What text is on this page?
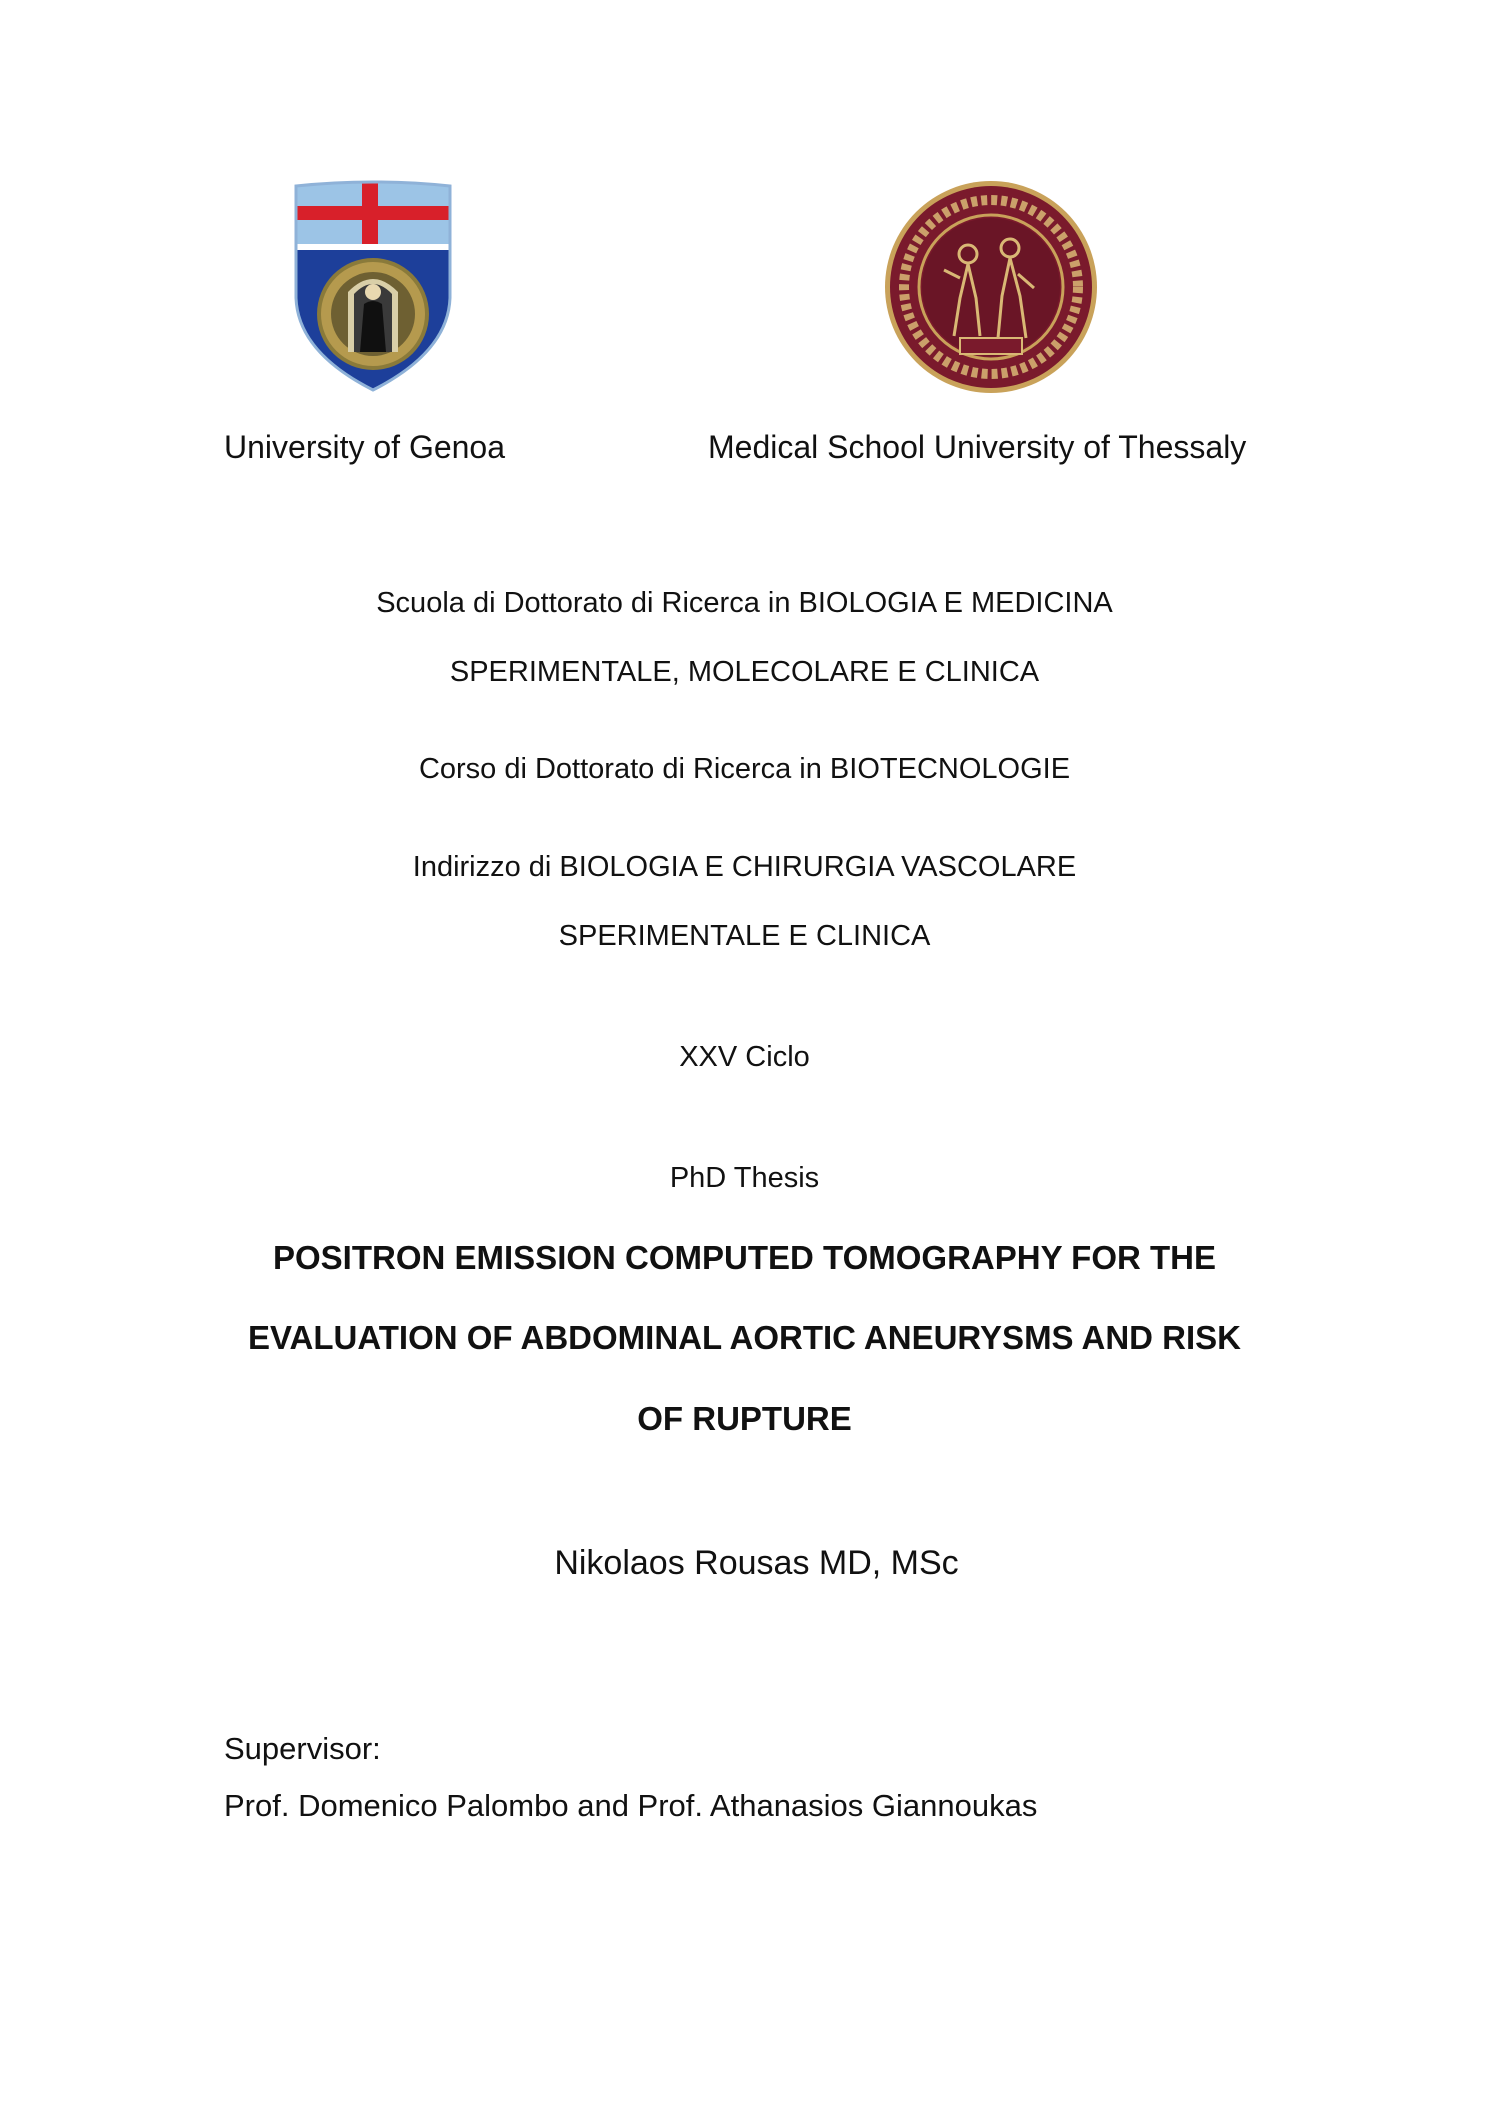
University of Genoa	Medical School University of Thessaly
Scuola di Dottorato di Ricerca in BIOLOGIA E MEDICINA
SPERIMENTALE, MOLECOLARE E CLINICA
Corso di Dottorato di Ricerca in BIOTECNOLOGIE
Indirizzo di BIOLOGIA E CHIRURGIA VASCOLARE
SPERIMENTALE E CLINICA
XXV Ciclo
PhD Thesis
POSITRON EMISSION COMPUTED TOMOGRAPHY FOR THE
EVALUATION OF ABDOMINAL AORTIC ANEURYSMS AND RISK
OF RUPTURE
Nikolaos Rousas MD, MSc
Supervisor:
Prof. Domenico Palombo and Prof. Athanasios Giannoukas
